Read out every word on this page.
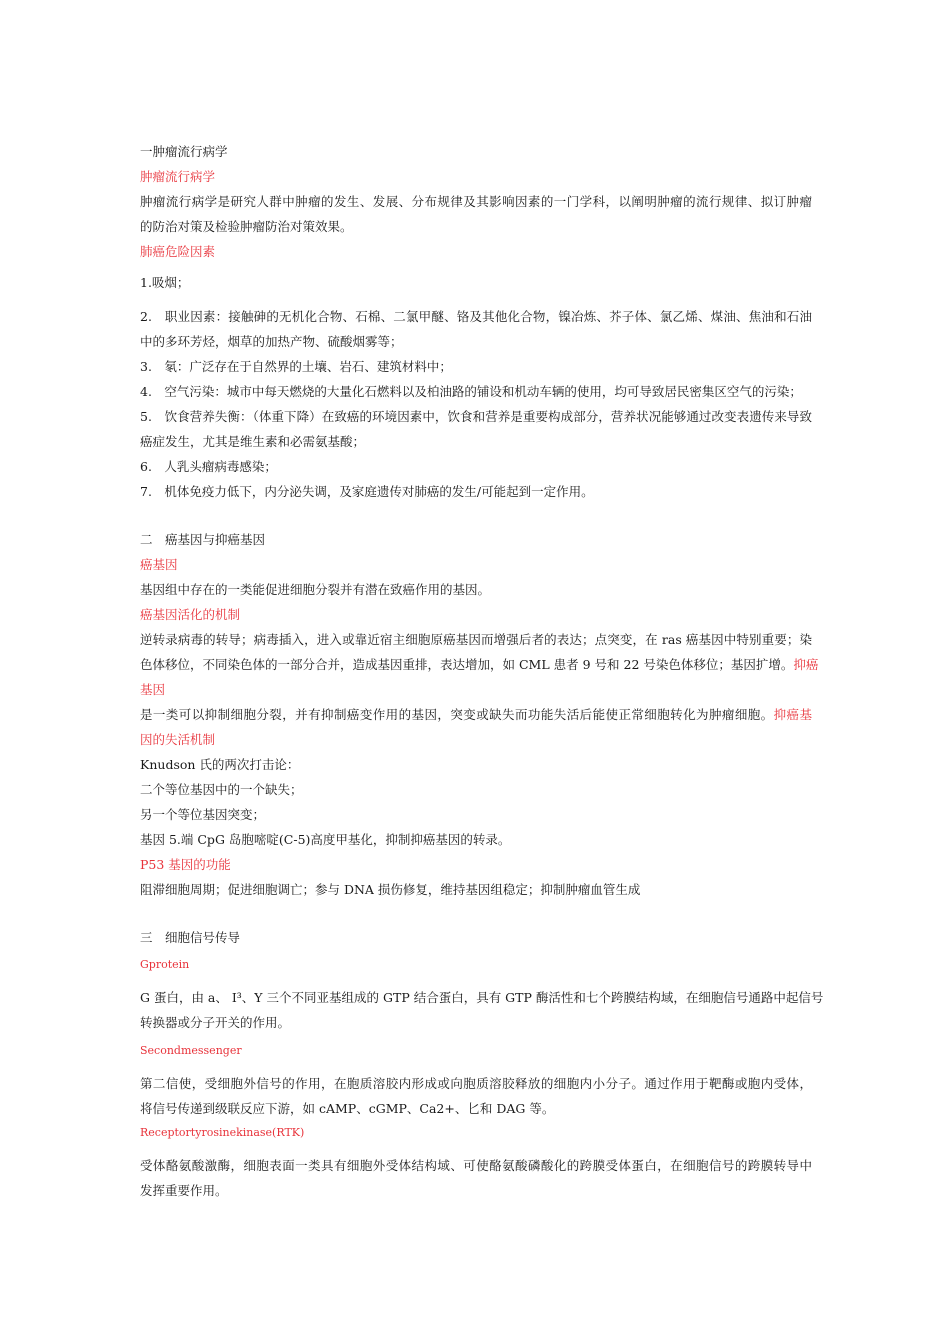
一肿瘤流行病学
肿瘤流行病学
肿瘤流行病学是研究人群中肿瘤的发生、发展、分布规律及其影响因素的一门学科，以阐明肿瘤的流行规律、拟订肿瘤
的防治对策及检验肿瘤防治对策效果。
肺癌危险因素
1.吸烟；
2.　职业因素：接触砷的无机化合物、石棉、二氯甲醚、铬及其他化合物，镍冶炼、芥子体、氯乙烯、煤油、焦油和石油
中的多环芳烃，烟草的加热产物、硫酸烟雾等；
3.　氡：广泛存在于自然界的土壤、岩石、建筑材料中；
4.　空气污染：城市中每天燃烧的大量化石燃料以及柏油路的铺设和机动车辆的使用，均可导致居民密集区空气的污染；
5.　饮食营养失衡：（体重下降）在致癌的环境因素中，饮食和营养是重要构成部分，营养状况能够通过改变表遗传来导致
癌症发生，尤其是维生素和必需氨基酸；
6.　人乳头瘤病毒感染；
7.　机体免疫力低下，内分泌失调，及家庭遗传对肺癌的发生/可能起到一定作用。
二　癌基因与抑癌基因
癌基因
基因组中存在的一类能促进细胞分裂并有潜在致癌作用的基因。
癌基因活化的机制
逆转录病毒的转导；病毒插入，进入或靠近宿主细胞原癌基因而增强后者的表达；点突变，在 ras 癌基因中特别重要；染
色体移位，不同染色体的一部分合并，造成基因重排，表达增加，如 CML 患者 9 号和 22 号染色体移位；基因扩增。抑癌
基因
是一类可以抑制细胞分裂，并有抑制癌变作用的基因，突变或缺失而功能失活后能使正常细胞转化为肿瘤细胞。抑癌基
因的失活机制
Knudson 氏的两次打击论：
二个等位基因中的一个缺失；
另一个等位基因突变；
基因 5.端 CpG 岛胞嘧啶(C-5)高度甲基化，抑制抑癌基因的转录。
P53 基因的功能
阻滞细胞周期；促进细胞调亡；参与 DNA 损伤修复，维持基因组稳定；抑制肿瘤血管生成
三　细胞信号传导
Gprotein
G 蛋白，由 a、 I³、Y 三个不同亚基组成的 GTP 结合蛋白，具有 GTP 酶活性和七个跨膜结构域，在细胞信号通路中起信号
转换器或分子开关的作用。
Secondmessenger
第二信使，受细胞外信号的作用，在胞质溶胶内形成或向胞质溶胶释放的细胞内小分子。通过作用于靶酶或胞内受体，
将信号传递到级联反应下游，如 cAMP、cGMP、Ca2+、匕和 DAG 等。
Receptortyrosinekinase(RTK)
受体酪氨酸激酶，细胞表面一类具有细胞外受体结构域、可使酪氨酸磷酸化的跨膜受体蛋白，在细胞信号的跨膜转导中
发挥重要作用。
